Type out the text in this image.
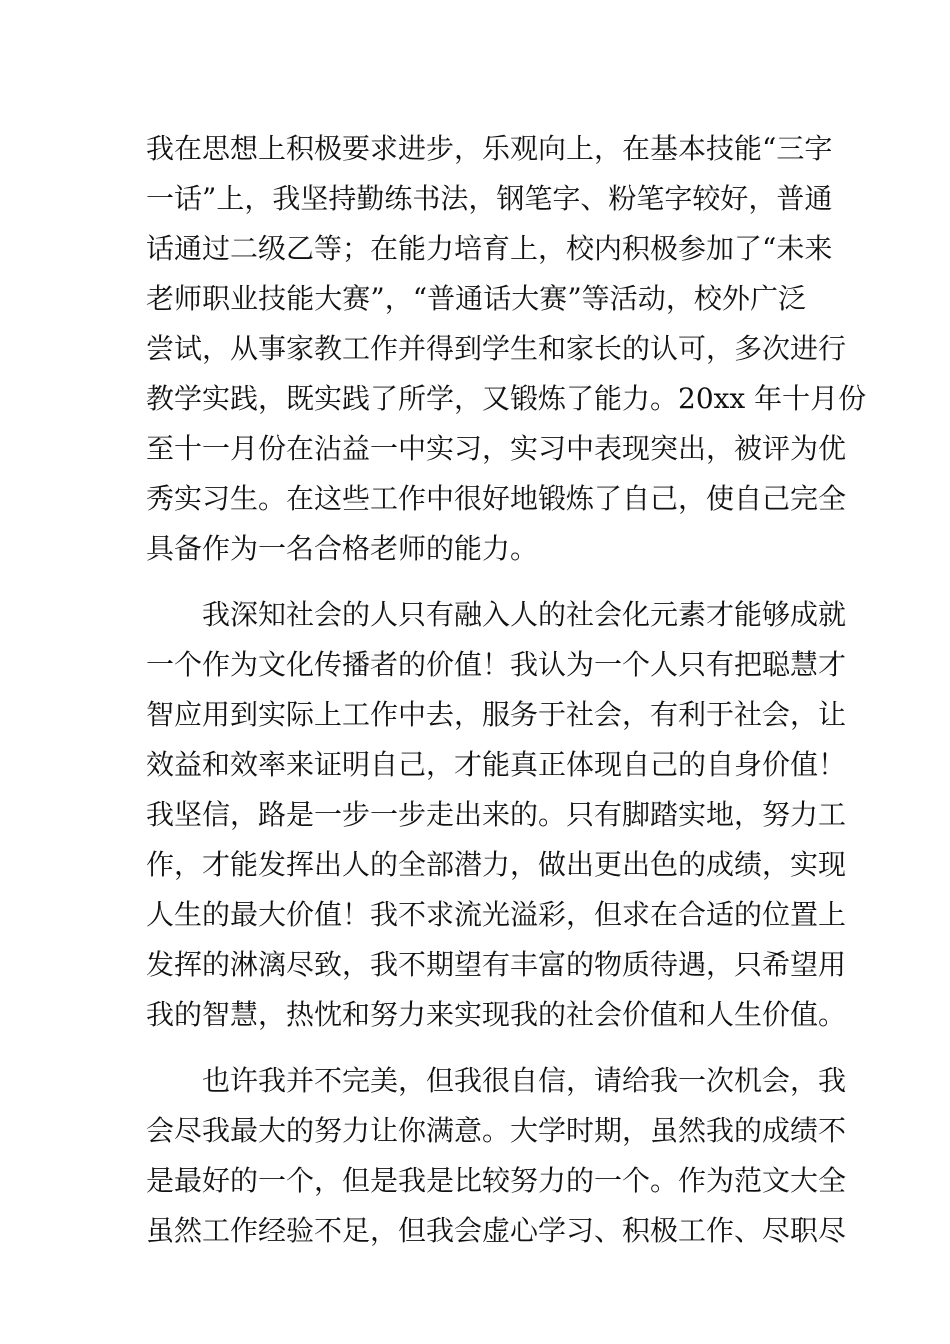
我在思想上积极要求进步，乐观向上，在基本技能“三字
一话”上，我坚持勤练书法，钢笔字、粉笔字较好，普通
话通过二级乙等；在能力培育上，校内积极参加了“未来
老师职业技能大赛”，“普通话大赛”等活动，校外广泛
尝试，从事家教工作并得到学生和家长的认可，多次进行
教学实践，既实践了所学，又锻炼了能力。20xx 年十月份
至十一月份在沾益一中实习，实习中表现突出，被评为优
秀实习生。在这些工作中很好地锻炼了自己，使自己完全
具备作为一名合格老师的能力。
　　我深知社会的人只有融入人的社会化元素才能够成就
一个作为文化传播者的价值！我认为一个人只有把聪慧才
智应用到实际上工作中去，服务于社会，有利于社会，让
效益和效率来证明自己，才能真正体现自己的自身价值！
我坚信，路是一步一步走出来的。只有脚踏实地，努力工
作，才能发挥出人的全部潜力，做出更出色的成绩，实现
人生的最大价值！我不求流光溢彩，但求在合适的位置上
发挥的淋漓尽致，我不期望有丰富的物质待遇，只希望用
我的智慧，热忱和努力来实现我的社会价值和人生价值。
　　也许我并不完美，但我很自信，请给我一次机会，我
会尽我最大的努力让你满意。大学时期，虽然我的成绩不
是最好的一个，但是我是比较努力的一个。作为范文大全
虽然工作经验不足，但我会虚心学习、积极工作、尽职尽
